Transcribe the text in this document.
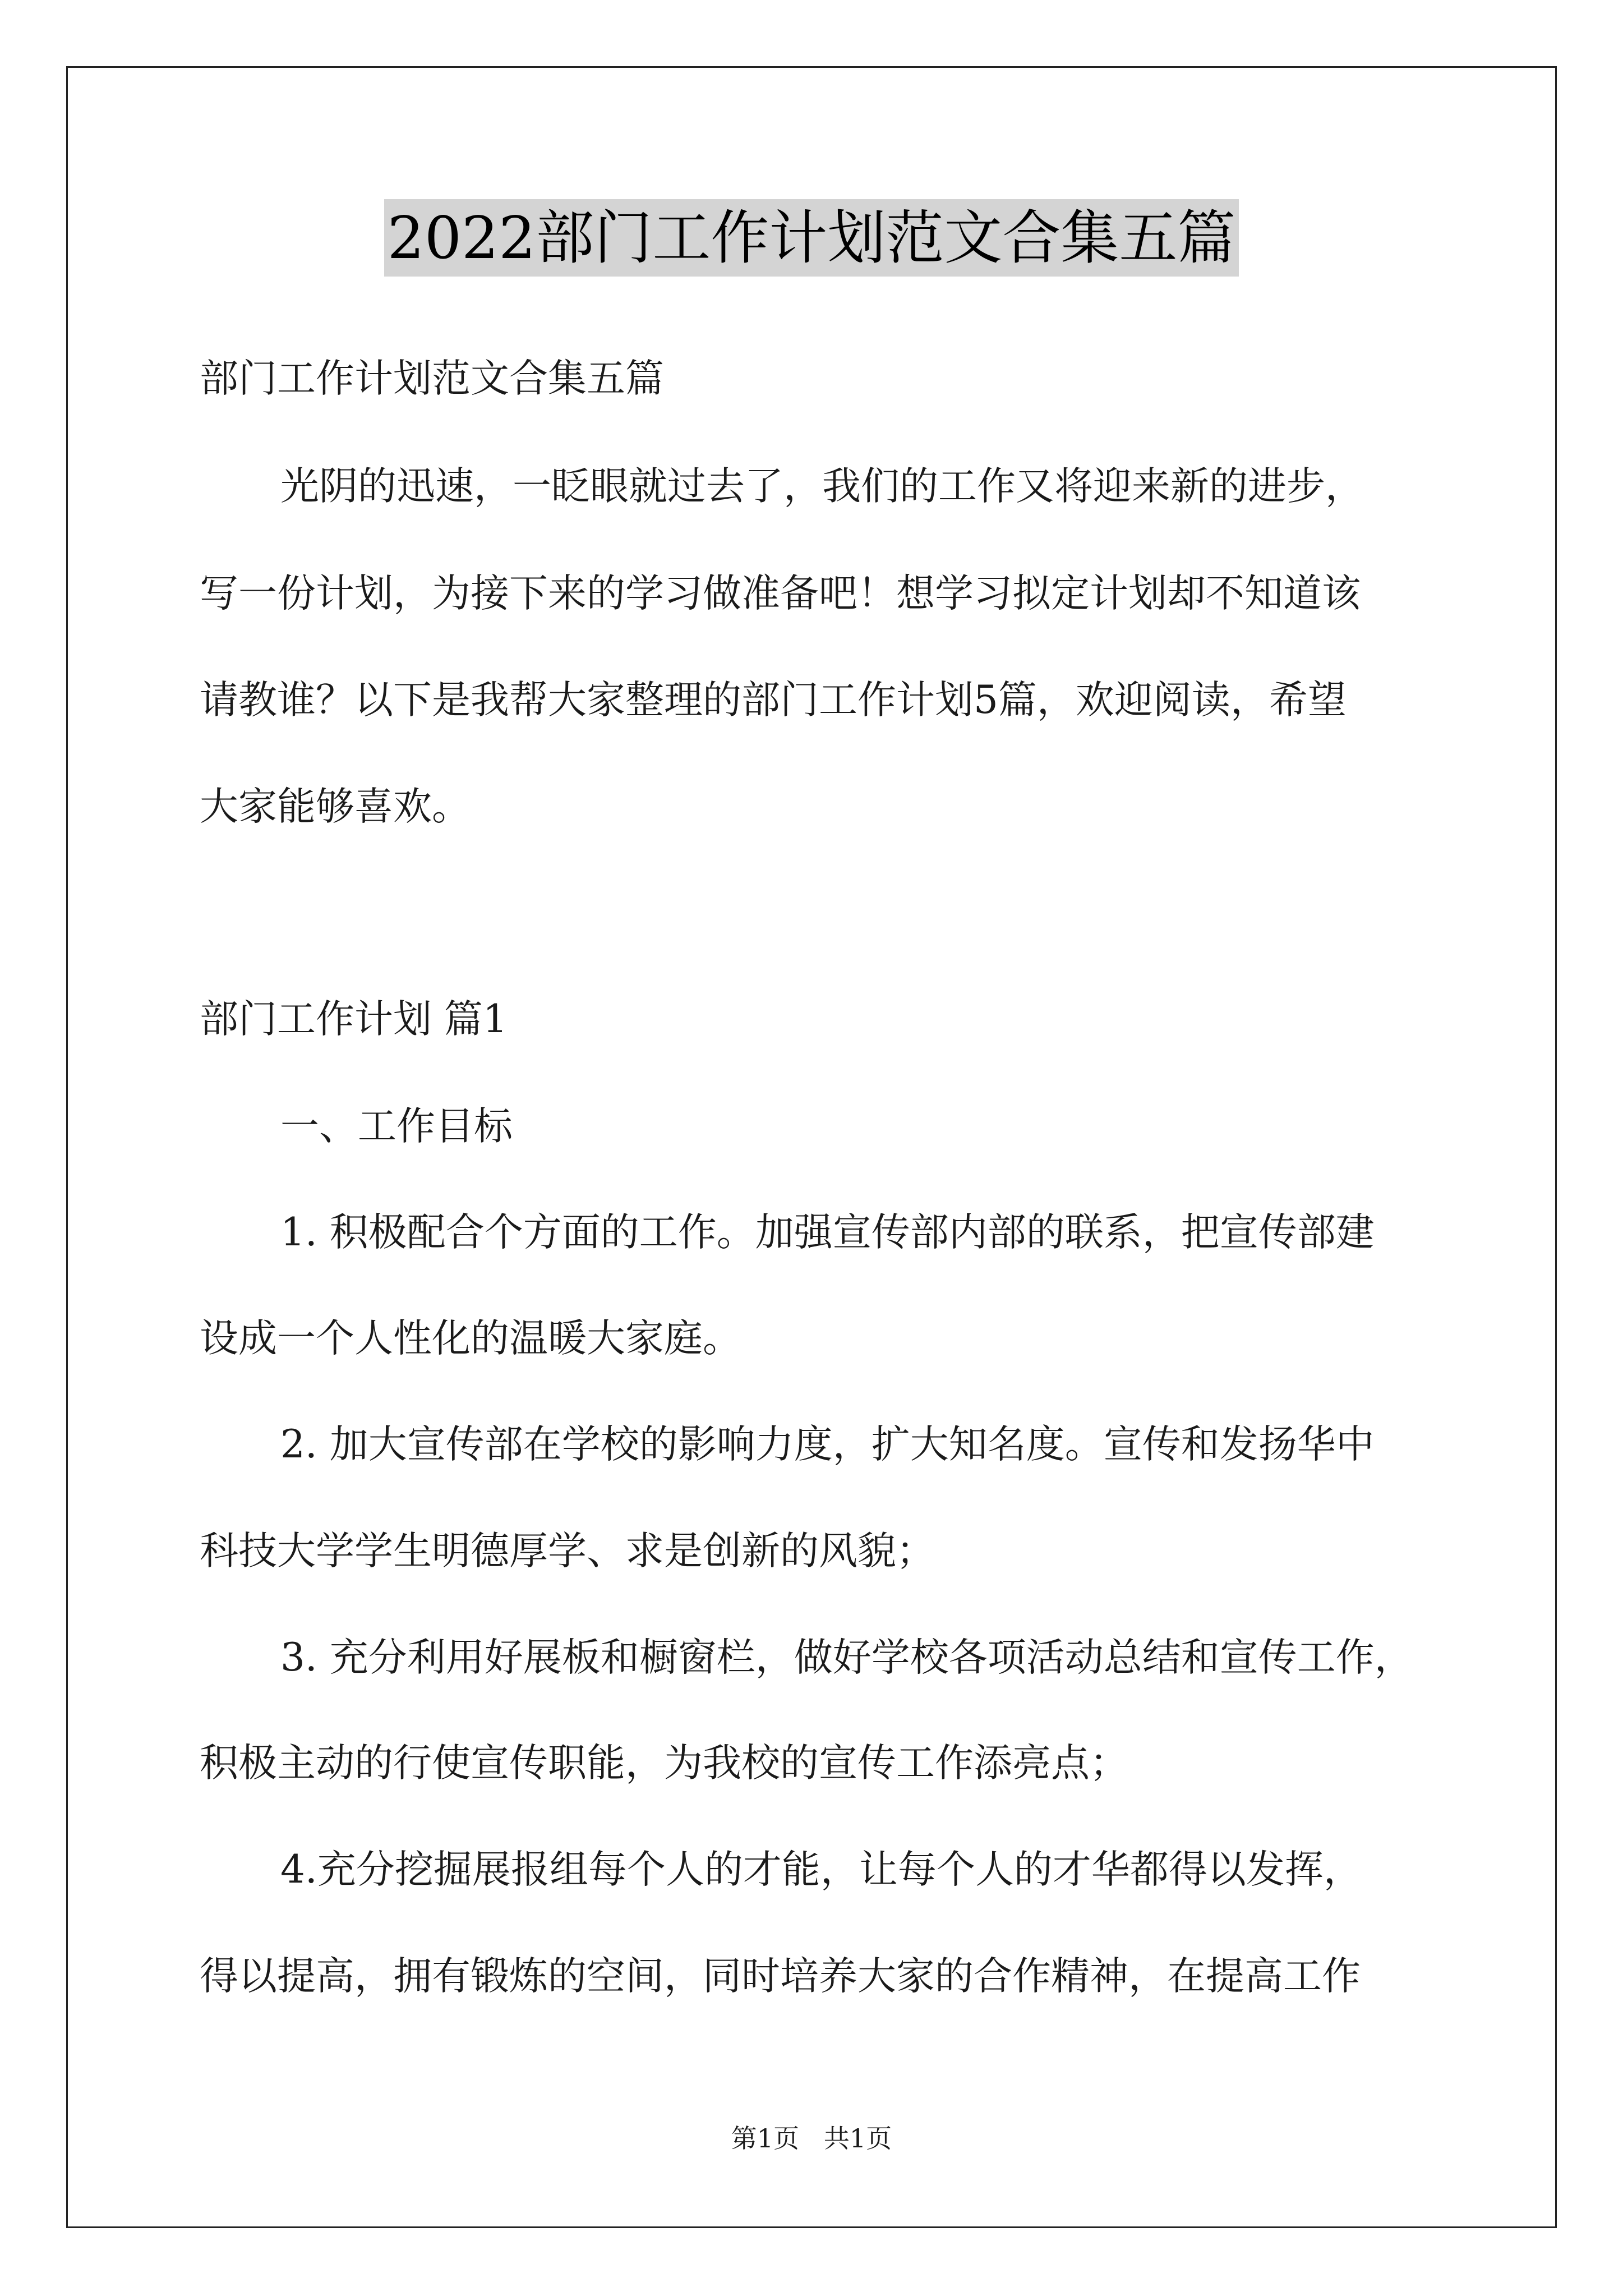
2022部门工作计划范文合集五篇
部门工作计划范文合集五篇
光阴的迅速，一眨眼就过去了，我们的工作又将迎来新的进步，
写一份计划，为接下来的学习做准备吧！想学习拟定计划却不知道该
请教谁？以下是我帮大家整理的部门工作计划5篇，欢迎阅读，希望
大家能够喜欢。
部门工作计划 篇1
一、工作目标
1. 积极配合个方面的工作。加强宣传部内部的联系，把宣传部建
设成一个人性化的温暖大家庭。
2. 加大宣传部在学校的影响力度，扩大知名度。宣传和发扬华中
科技大学学生明德厚学、求是创新的风貌；
3. 充分利用好展板和橱窗栏，做好学校各项活动总结和宣传工作，
积极主动的行使宣传职能，为我校的宣传工作添亮点；
4.充分挖掘展报组每个人的才能，让每个人的才华都得以发挥，
得以提高，拥有锻炼的空间，同时培养大家的合作精神，在提高工作
第1页   共1页
